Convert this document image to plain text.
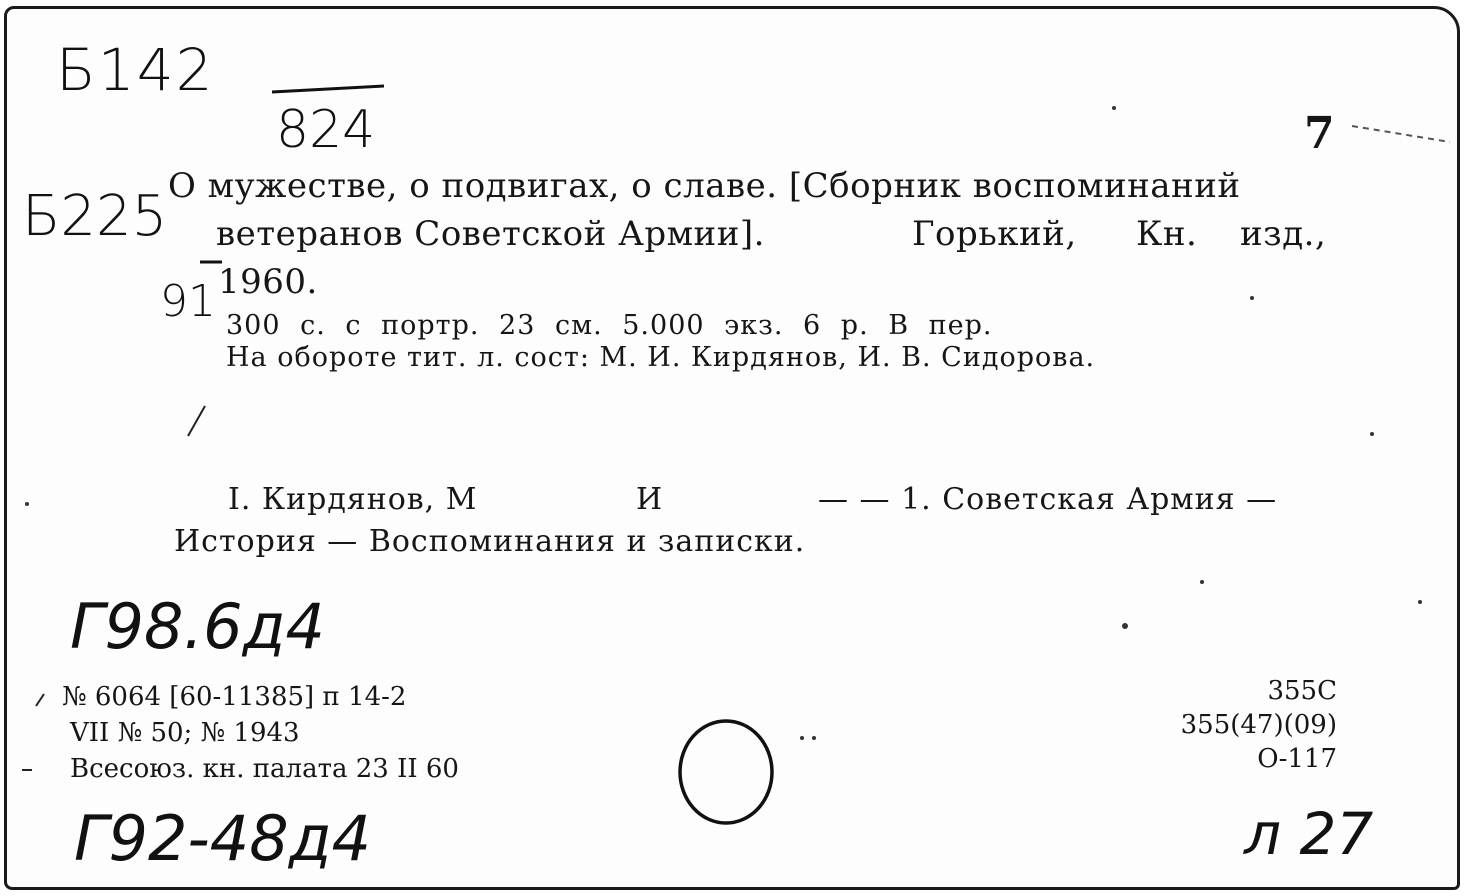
Б142
824
Б225
91
Г98.6д4
Г92-48д4	л 27
7
О мужестве, о подвигах, о славе. [Сборник воспоминаний
ветеранов Советской Армии].	Горький, Кн. изд.,
1960.
300 с. с портр. 23 см. 5.000 экз. 6 р. В пер.
На обороте тит. л. сост: М. И. Кирдянов, И. В. Сидорова.
I. Кирдянов, М	И	— — 1. Советская Армия —
История — Воспоминания и записки.
№ 6064 [60-11385] п 14-2
VII № 50; № 1943
Всесоюз. кн. палата 23 II 60
355С
355(47)(09)
О-117
